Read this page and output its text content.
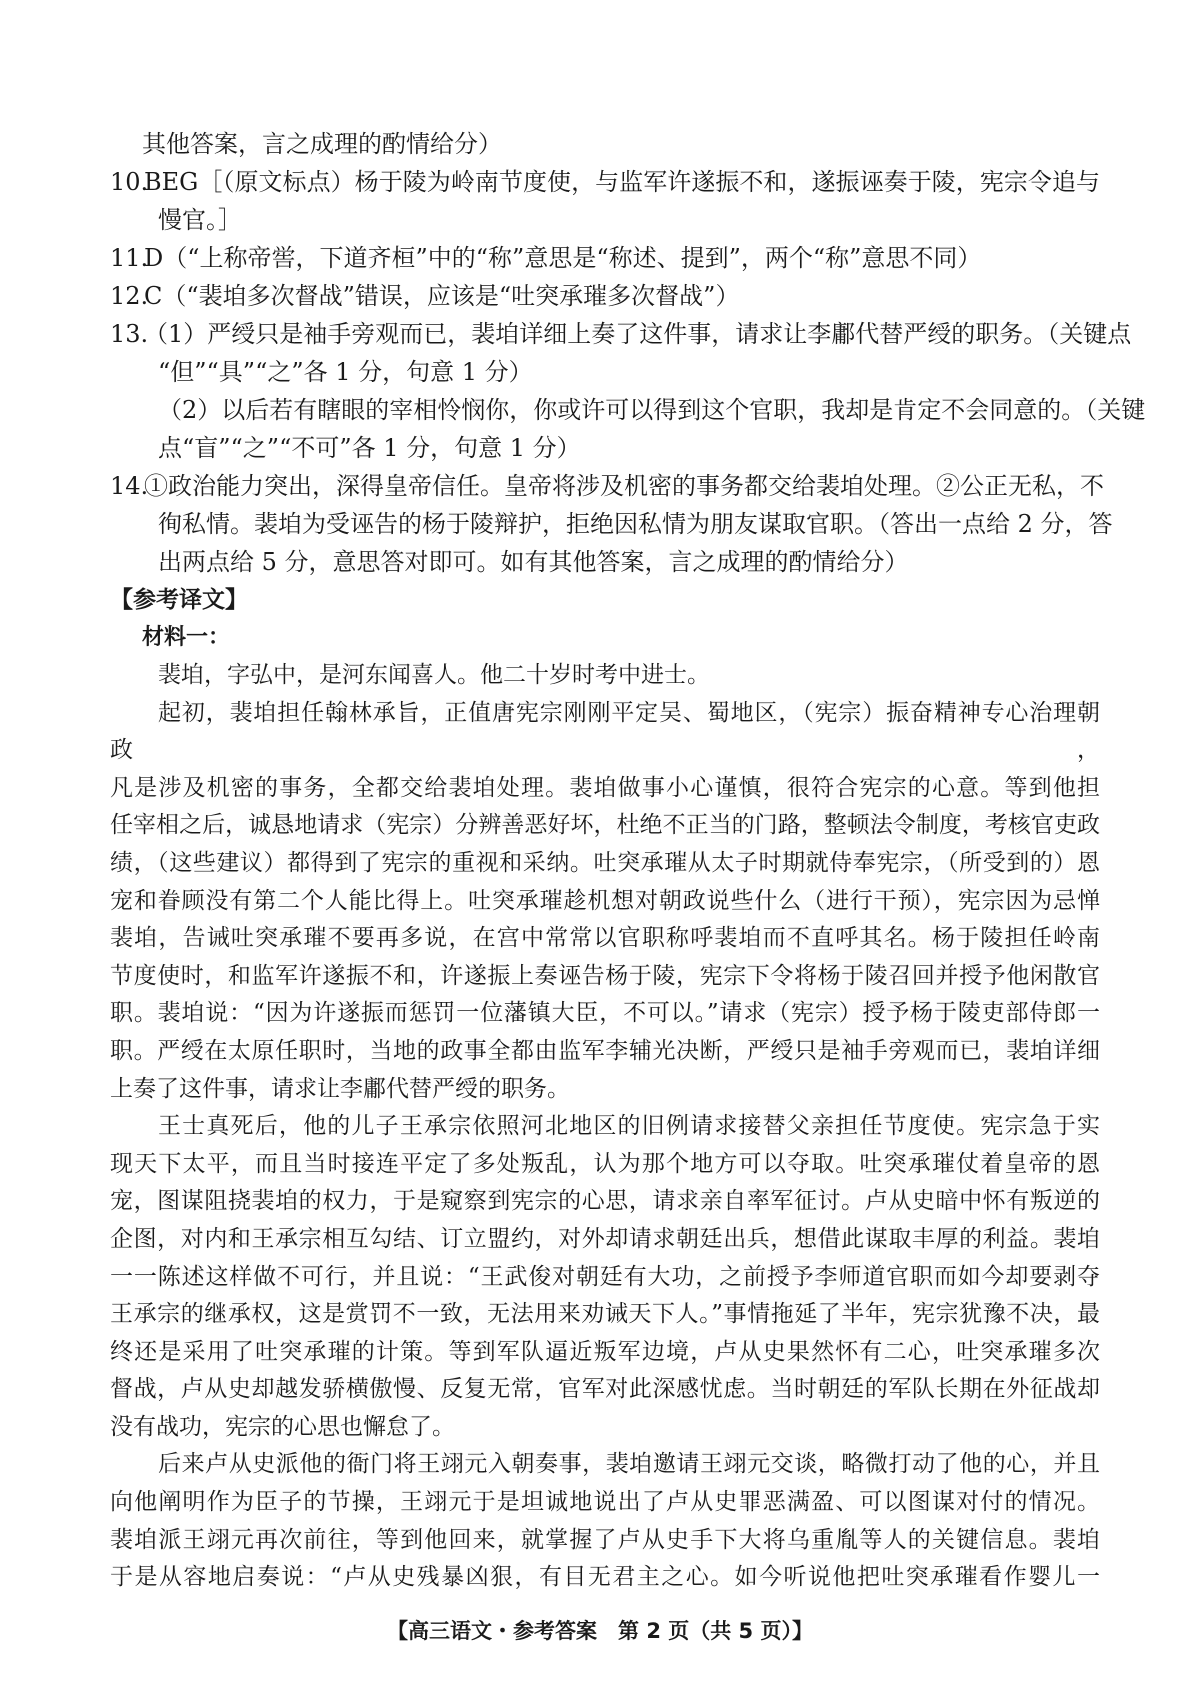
其他答案，言之成理的酌情给分）
10.BEG［（原文标点）杨于陵为岭南节度使，与监军许遂振不和，遂振诬奏于陵，宪宗令追与
慢官。］
11.D（“上称帝喾，下道齐桓”中的“称”意思是“称述、提到”，两个“称”意思不同）
12.C（“裴垍多次督战”错误，应该是“吐突承璀多次督战”）
13.（1）严绶只是袖手旁观而已，裴垍详细上奏了这件事，请求让李鄘代替严绶的职务。（关键点
“但”“具”“之”各 1 分，句意 1 分）
（2）以后若有瞎眼的宰相怜悯你，你或许可以得到这个官职，我却是肯定不会同意的。（关键
点“盲”“之”“不可”各 1 分，句意 1 分）
14.①政治能力突出，深得皇帝信任。皇帝将涉及机密的事务都交给裴垍处理。②公正无私，不
徇私情。裴垍为受诬告的杨于陵辩护，拒绝因私情为朋友谋取官职。（答出一点给 2 分，答
出两点给 5 分，意思答对即可。如有其他答案，言之成理的酌情给分）
【参考译文】
材料一：
裴垍，字弘中，是河东闻喜人。他二十岁时考中进士。
起初，裴垍担任翰林承旨，正值唐宪宗刚刚平定吴、蜀地区，（宪宗）振奋精神专心治理朝政，
凡是涉及机密的事务，全都交给裴垍处理。裴垍做事小心谨慎，很符合宪宗的心意。等到他担
任宰相之后，诚恳地请求（宪宗）分辨善恶好坏，杜绝不正当的门路，整顿法令制度，考核官吏政
绩，（这些建议）都得到了宪宗的重视和采纳。吐突承璀从太子时期就侍奉宪宗，（所受到的）恩
宠和眷顾没有第二个人能比得上。吐突承璀趁机想对朝政说些什么（进行干预），宪宗因为忌惮
裴垍，告诫吐突承璀不要再多说，在宫中常常以官职称呼裴垍而不直呼其名。杨于陵担任岭南
节度使时，和监军许遂振不和，许遂振上奏诬告杨于陵，宪宗下令将杨于陵召回并授予他闲散官
职。裴垍说：“因为许遂振而惩罚一位藩镇大臣，不可以。”请求（宪宗）授予杨于陵吏部侍郎一
职。严绶在太原任职时，当地的政事全都由监军李辅光决断，严绶只是袖手旁观而已，裴垍详细
上奏了这件事，请求让李鄘代替严绶的职务。
王士真死后，他的儿子王承宗依照河北地区的旧例请求接替父亲担任节度使。宪宗急于实
现天下太平，而且当时接连平定了多处叛乱，认为那个地方可以夺取。吐突承璀仗着皇帝的恩
宠，图谋阻挠裴垍的权力，于是窥察到宪宗的心思，请求亲自率军征讨。卢从史暗中怀有叛逆的
企图，对内和王承宗相互勾结、订立盟约，对外却请求朝廷出兵，想借此谋取丰厚的利益。裴垍
一一陈述这样做不可行，并且说：“王武俊对朝廷有大功，之前授予李师道官职而如今却要剥夺
王承宗的继承权，这是赏罚不一致，无法用来劝诫天下人。”事情拖延了半年，宪宗犹豫不决，最
终还是采用了吐突承璀的计策。等到军队逼近叛军边境，卢从史果然怀有二心，吐突承璀多次
督战，卢从史却越发骄横傲慢、反复无常，官军对此深感忧虑。当时朝廷的军队长期在外征战却
没有战功，宪宗的心思也懈怠了。
后来卢从史派他的衙门将王翊元入朝奏事，裴垍邀请王翊元交谈，略微打动了他的心，并且
向他阐明作为臣子的节操，王翊元于是坦诚地说出了卢从史罪恶满盈、可以图谋对付的情况。
裴垍派王翊元再次前往，等到他回来，就掌握了卢从史手下大将乌重胤等人的关键信息。裴垍
于是从容地启奏说：“卢从史残暴凶狠，有目无君主之心。如今听说他把吐突承璀看作婴儿一
【高三语文・参考答案　第 2 页（共 5 页）】
